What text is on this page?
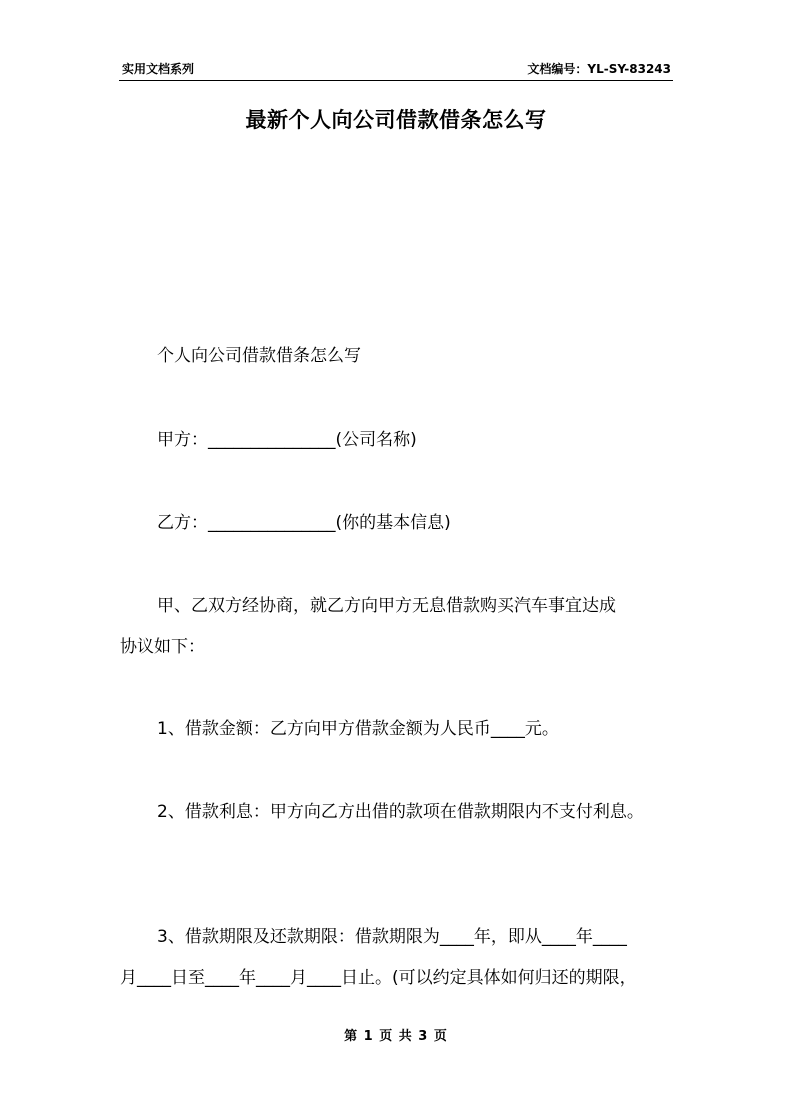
实用文档系列	文档编号：YL-SY-83243
最新个人向公司借款借条怎么写
个人向公司借款借条怎么写
甲方：_______________(公司名称)
乙方：_______________(你的基本信息)
甲、乙双方经协商，就乙方向甲方无息借款购买汽车事宜达成
协议如下：
1、借款金额：乙方向甲方借款金额为人民币____元。
2、借款利息：甲方向乙方出借的款项在借款期限内不支付利息。
3、借款期限及还款期限：借款期限为____年，即从____年____
月____日至____年____月____日止。(可以约定具体如何归还的期限，
第 1 页 共 3 页
